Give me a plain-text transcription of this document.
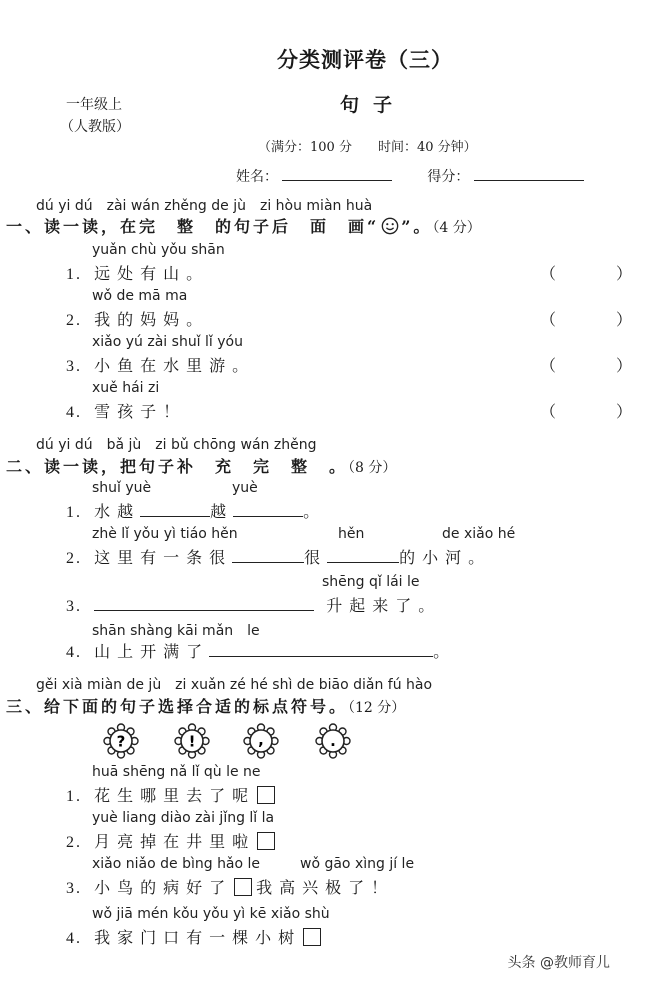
分类测评卷（三）
一年级上
（人教版）
句子
（满分：100 分　　时间：40 分钟）
姓名：	得分：
dú yi dú　zài wán zhěng de jù　zi hòu miàn huà
一、读一读，在完　整　的句子后　面　画“ ”。（4 分）
yuǎn chù yǒu shān
1. 远处有山。	（　）
wǒ de mā ma
2. 我的妈妈。	（　）
xiǎo yú zài shuǐ lǐ yóu
3. 小鱼在水里游。	（　）
xuě hái zi
4. 雪孩子！	（　）
dú yi dú　bǎ jù　zi bǔ chōng wán zhěng
二、读一读，把句子补　充　完　整　。（8 分）
shuǐ yuè	yuè
1. 水越	越	。
zhè lǐ yǒu yì tiáo hěn	hěn	de xiǎo hé
2. 这里有一条很	很	的小河。
shēng qǐ lái le
3.	升起来了。
shān shàng kāi mǎn　le
4. 山上开满了	。
gěi xià miàn de jù　zi xuǎn zé hé shì de biāo diǎn fú hào
三、给下面的句子选择合适的标点符号。（12 分）
?	!	,	.
huā shēng nǎ lǐ qù le ne
1. 花生哪里去了呢
yuè liang diào zài jǐng lǐ la
2. 月亮掉在井里啦
xiǎo niǎo de bìng hǎo le	wǒ gāo xìng jí le
3. 小鸟的病好了 我高兴极了！
wǒ jiā mén kǒu yǒu yì kē xiǎo shù
4. 我家门口有一棵小树
头条 @教师育儿
